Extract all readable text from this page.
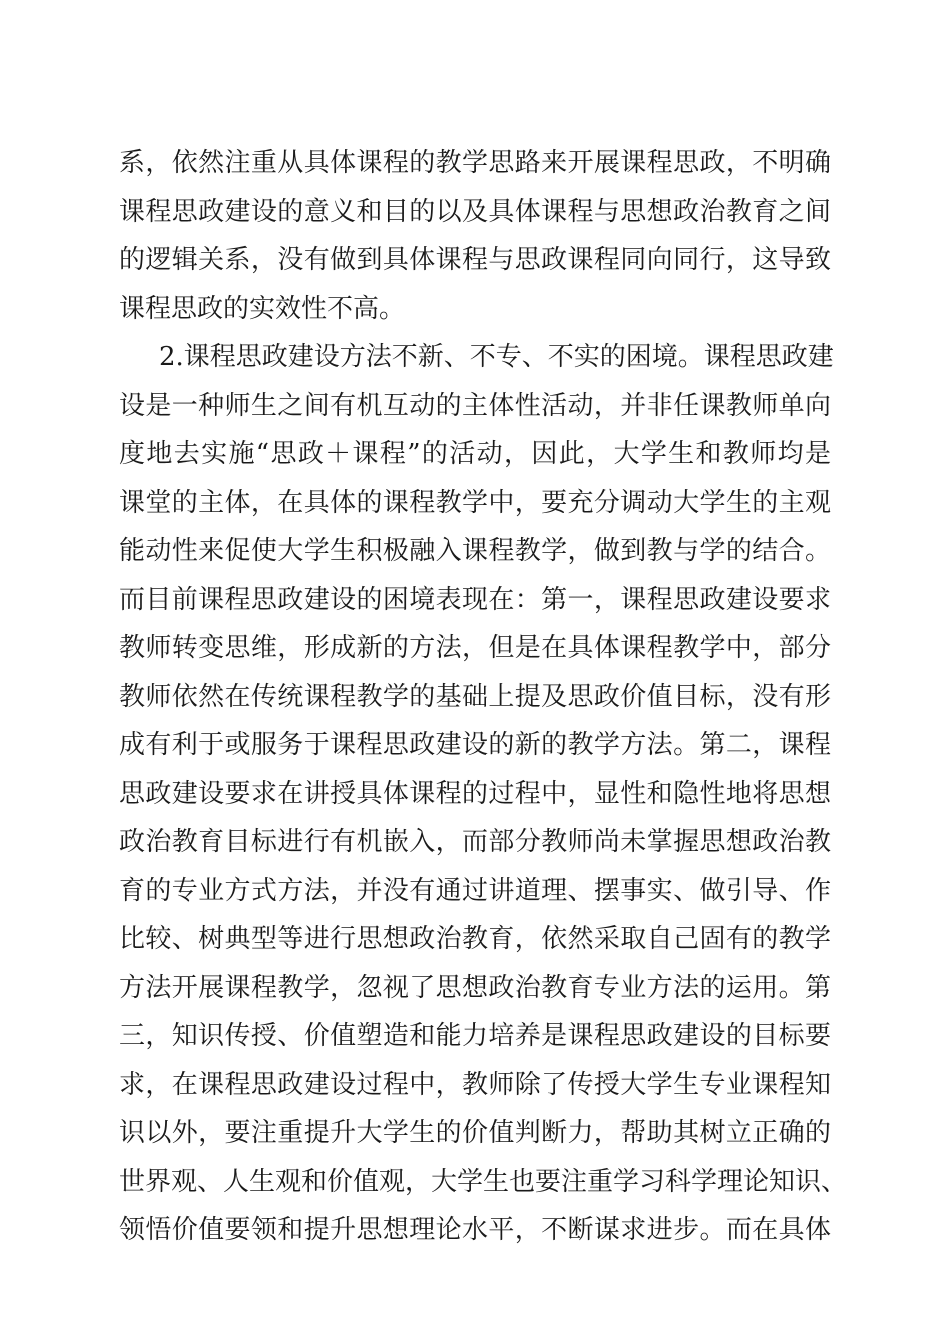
系，依然注重从具体课程的教学思路来开展课程思政，不明确
课程思政建设的意义和目的以及具体课程与思想政治教育之间
的逻辑关系，没有做到具体课程与思政课程同向同行，这导致
课程思政的实效性不高。
2.课程思政建设方法不新、不专、不实的困境。课程思政建
设是一种师生之间有机互动的主体性活动，并非任课教师单向
度地去实施“思政＋课程”的活动，因此，大学生和教师均是
课堂的主体，在具体的课程教学中，要充分调动大学生的主观
能动性来促使大学生积极融入课程教学，做到教与学的结合。
而目前课程思政建设的困境表现在：第一，课程思政建设要求
教师转变思维，形成新的方法，但是在具体课程教学中，部分
教师依然在传统课程教学的基础上提及思政价值目标，没有形
成有利于或服务于课程思政建设的新的教学方法。第二，课程
思政建设要求在讲授具体课程的过程中，显性和隐性地将思想
政治教育目标进行有机嵌入，而部分教师尚未掌握思想政治教
育的专业方式方法，并没有通过讲道理、摆事实、做引导、作
比较、树典型等进行思想政治教育，依然采取自己固有的教学
方法开展课程教学，忽视了思想政治教育专业方法的运用。第
三，知识传授、价值塑造和能力培养是课程思政建设的目标要
求，在课程思政建设过程中，教师除了传授大学生专业课程知
识以外，要注重提升大学生的价值判断力，帮助其树立正确的
世界观、人生观和价值观，大学生也要注重学习科学理论知识、
领悟价值要领和提升思想理论水平，不断谋求进步。而在具体
